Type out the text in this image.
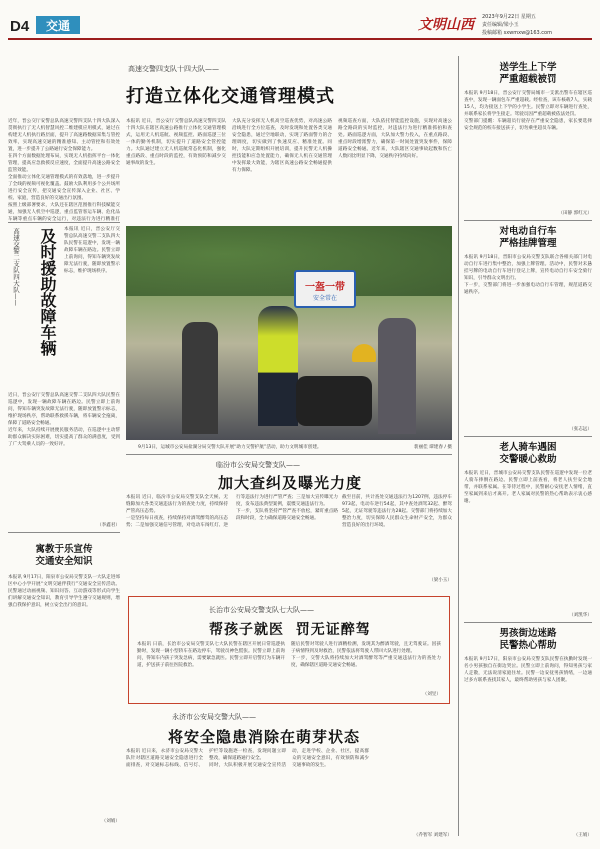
D4	交通	文明山西 2023年9月22日 星期五
责任编辑/梁小玉
投稿邮箱 sxwmxw@163.com
高速交警四支队十四大队——
打造立体化交通管理模式
近年，晋公交厅安警总队高速交警四支队十四大队深入贯彻执行了无人机智慧风控二维建模应用模式，通过在构建无人机执行路层面，提升了高速路数据采集与管控效率，实现高速交通的精准感知、主动管控和有效处置，进一步提升了公路通行安全保障能力。
在四个方面数据处理布局，实现无人机指挥平台一体化管理，提高应急救援反应速度，全面提升高速公路安全监管效能。
全面推动立体化交通管理模式的有效落地，进一步提升了全线的视频可视化覆盖。鼓励大队利用多个公共场所进行安全宣传，把交通安全宣传深入企业、社区、学校、家庭，营造良好的交通出行氛围。
按照上级部署要求，大队还在辖区范围推行科技赋能交通，加强无人机空中巡逻，重点监管客运车辆、危化品车辆等重点车辆的安全运行，对违法行为进行精准打

本报讯 近日，晋公安厅交警总队高速交警四支队十四大队在辖区高速公路推行立体化交通管理模式，运用无人机巡航、视频监控、路面巡逻三位一体的勤务机制，切实提升了道路安全管控能力。大队通过建立无人机巡航常态化机制，强化重点路段、重点时段的监控，有效预防和减少交通事故的发生。
大队充分发挥无人机高空巡查优势，对高速公路沿线进行全方位巡查，及时发现和处置各类交通安全隐患，通过空地联动，实现了路面警力的合理调度，切实做到了快速反应、精准处置。同时，大队定期组织开展培训，提升民警无人机操控技能和应急处置能力，确保无人机在交通管理中发挥最大效能，为辖区高速公路安全畅通提供有力保障。
视频巡查方面，大队依托智能监控设施，实现对高速公路全路段的实时监控，对违法行为进行精准抓拍和查处。路面巡逻方面，大队加大警力投入，在重点路段、重点时段增派警力，确保第一时间处置突发事件，保障道路安全畅通。近年来，大队辖区交通事故起数和伤亡人数同比明显下降，交通秩序持续向好。
高速交警二支队四大队——	及时援助故障车辆 本报讯 近日，晋公安厅交警总队高速交警二支队四大队民警在巡逻中，发现一辆故障车辆在路边。民警立即上前询问，得知车辆突发故障无法行驶，随即放置警示标志，维护现场秩序。
近日，晋公安厅交警总队高速交警二支队四大队民警在巡逻中，发现一辆故障车辆在路边。民警立即上前询问，得知车辆突发故障无法行驶，随即放置警示标志，维护现场秩序，帮助联系救援车辆，将车辆安全拖离，保障了道路安全畅通。
近年来，大队持续开展便民服务活动，在巡逻中主动帮助群众解决实际困难，切实提高了群众的满意度，受到了广大驾乘人员的一致好评。
（李鑫君）
寓教于乐宣传
交通安全知识
本报讯 9月17日，阳泉市公安局交警支队一大队走进郊区中心小学开展“文明交通伴我行”交通安全宣传活动。民警通过动画视频、知识问答、互动游戏等形式向学生们讲解交通安全知识，教育引导学生遵守交通规则，增强自我保护意识，树立安全出行的意识。
（刘娟）
一盔一带
安全常在
9月13日，运城市公安局盐湖分局交警大队开展“助力交警护航”活动，助力文明城市创建。	裴丽佳 谭建春 / 摄
临汾市公安局交警支队——
加大查纠及曝光力度
本报讯 近日，临汾市公安局交警支队全天候、无缝隙加大各类交通违法行为的查处力度，持续保持严管高压态势。
一是坚持每日夜查，持续保持对酒驾醉驾的高压态势；二是加强交通信号管理，对电动车闯红灯、逆行等违法行为进行严管严查；三是加大宣传曝光力度，发布违法典型案例，震慑交通违法行为。
下一步，支队将坚持严管严查不放松，紧盯重点路段和时段，全力确保道路交通安全畅通。
截至目前，共计查处交通违法行为1207例，违法停车973起，电动车逆行54起，其中查处酒驾32起、醉驾5起，无证驾驶等违法行为28起。交警部门将持续加大整治力度，切实保障人民群众生命财产安全，为群众营造良好的出行环境。
（梁小玉）
长治市公安局交警支队七大队——
帮孩子就医  罚无证醉驾
本报讯 日前，长治市公安局交警支队七大队民警在辖区开展日常巡逻执勤时，发现一辆小型轿车在路边停车，驾驶员神色慌张。民警立即上前询问，得知车内孩子突发急病，需要紧急就医。民警立即开启警灯为车辆开道，护送孩子前往医院救治。
随后民警对驾驶人进行酒精检测，发现其为醉酒驾驶，且无驾驶证。因孩子病情得到及时救治，民警依法将驾驶人带回大队进行处理。
下一步，交警大队将持续加大对酒驾醉驾等严重交通违法行为的查处力度，确保辖区道路交通安全畅通。
（刘昱）
永济市公安局交警大队——
将安全隐患消除在萌芽状态
本报讯 近日来，永济市公安局交警大队针对辖区道路交通安全隐患进行全面排查，对交通标志标线、信号灯、护栏等设施逐一检查，发现问题立即整改，确保道路通行安全。
同时，大队积极开展交通安全宣传活动，走进学校、企业、社区，提高群众的交通安全意识，有效预防和减少交通事故的发生。
（乔智军 刘建军）
送学生上下学
严重超载被罚
本报讯 9月18日，晋公安厅交警局城市一支派出警车在辖区巡查中，发现一辆面包车严重超载。经检查，该车核载7人，实载15人，均为接送上下学的小学生。民警立即对车辆进行查处，并联系家长将学生接走。驾驶员因严重超载被依法处罚。
交警部门提醒：车辆超员行驶存在严重安全隐患，家长要选择安全规范的校车接送孩子，切勿乘坐超员车辆。
（田静 郭红元）
对电动自行车
严格挂牌管理
本报讯 9月18日，晋阳市公安局交警支队联合各相关部门对电动自行车进行集中整治，加强上牌管理。活动中，民警对未悬挂号牌的电动自行车进行登记上牌，宣传电动自行车安全骑行知识，引导群众文明出行。
下一步，交警部门将进一步加强电动自行车管理，规范道路交通秩序。
（张志远）
老人骑车遇困
交警暖心救助
本报讯 近日，晋城市公安局交警支队民警在巡逻中发现一位老人骑车摔倒在路边。民警立即上前查看，将老人扶至安全地带，并联系家属。在等待过程中，民警耐心安抚老人情绪，直至家属到来后才离开。老人家属对民警的热心帮助表示衷心感谢。
（刘凯华）
男孩街边迷路
民警热心帮助
本报讯 9月17日，阳泉市公安局交警支队民警在执勤时发现一名小男孩独自在街边哭泣。民警立即上前询问，得知男孩与家人走散，无法说清家庭住址。民警一边安抚男孩情绪，一边通过多方联系查找其家人，最终帮助男孩与家人团聚。
（王娟）
